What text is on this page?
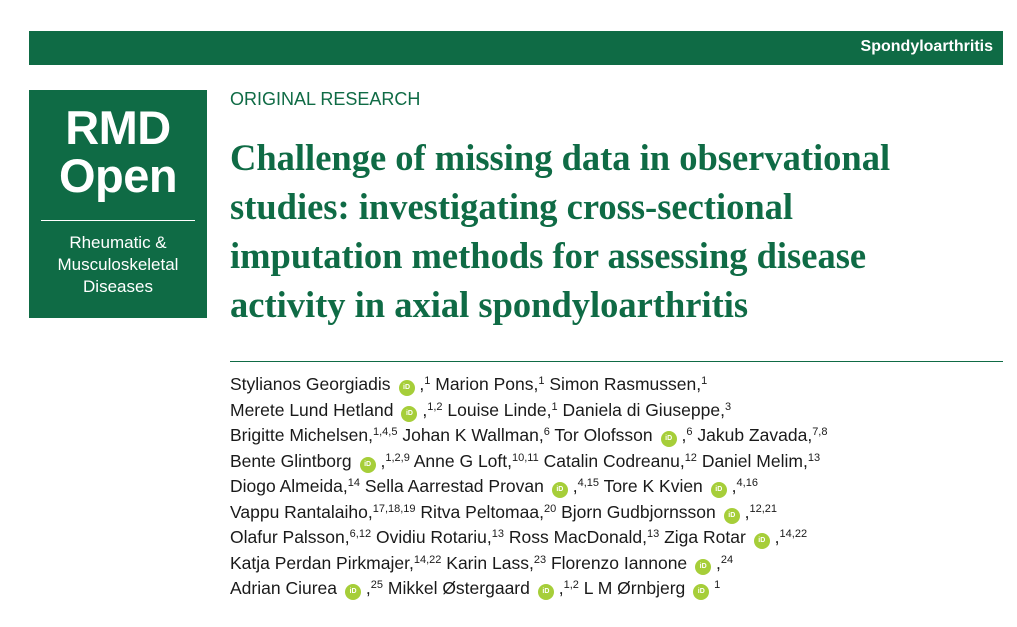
Spondyloarthritis
RMD
Open
Rheumatic &
Musculoskeletal
Diseases
ORIGINAL RESEARCH
Challenge of missing data in observational
studies: investigating cross-sectional
imputation methods for assessing disease
activity in axial spondyloarthritis
Stylianos Georgiadis iD ,$^1$ Marion Pons,$^1$ Simon Rasmussen,$^1$
Merete Lund Hetland iD ,$^{1,2}$ Louise Linde,$^1$ Daniela di Giuseppe,$^3$
Brigitte Michelsen,$^{1,4,5}$ Johan K Wallman,$^6$ Tor Olofsson iD ,$^6$ Jakub Zavada,$^{7,8}$
Bente Glintborg iD ,$^{1,2,9}$ Anne G Loft,$^{10,11}$ Catalin Codreanu,$^{12}$ Daniel Melim,$^{13}$
Diogo Almeida,$^{14}$ Sella Aarrestad Provan iD ,$^{4,15}$ Tore K Kvien iD ,$^{4,16}$
Vappu Rantalaiho,$^{17,18,19}$ Ritva Peltomaa,$^{20}$ Bjorn Gudbjornsson iD ,$^{12,21}$
Olafur Palsson,$^{6,12}$ Ovidiu Rotariu,$^{13}$ Ross MacDonald,$^{13}$ Ziga Rotar iD ,$^{14,22}$
Katja Perdan Pirkmajer,$^{14,22}$ Karin Lass,$^{23}$ Florenzo Iannone iD ,$^{24}$
Adrian Ciurea iD ,$^{25}$ Mikkel Østergaard iD ,$^{1,2}$ L M Ørnbjerg iD $^1$
